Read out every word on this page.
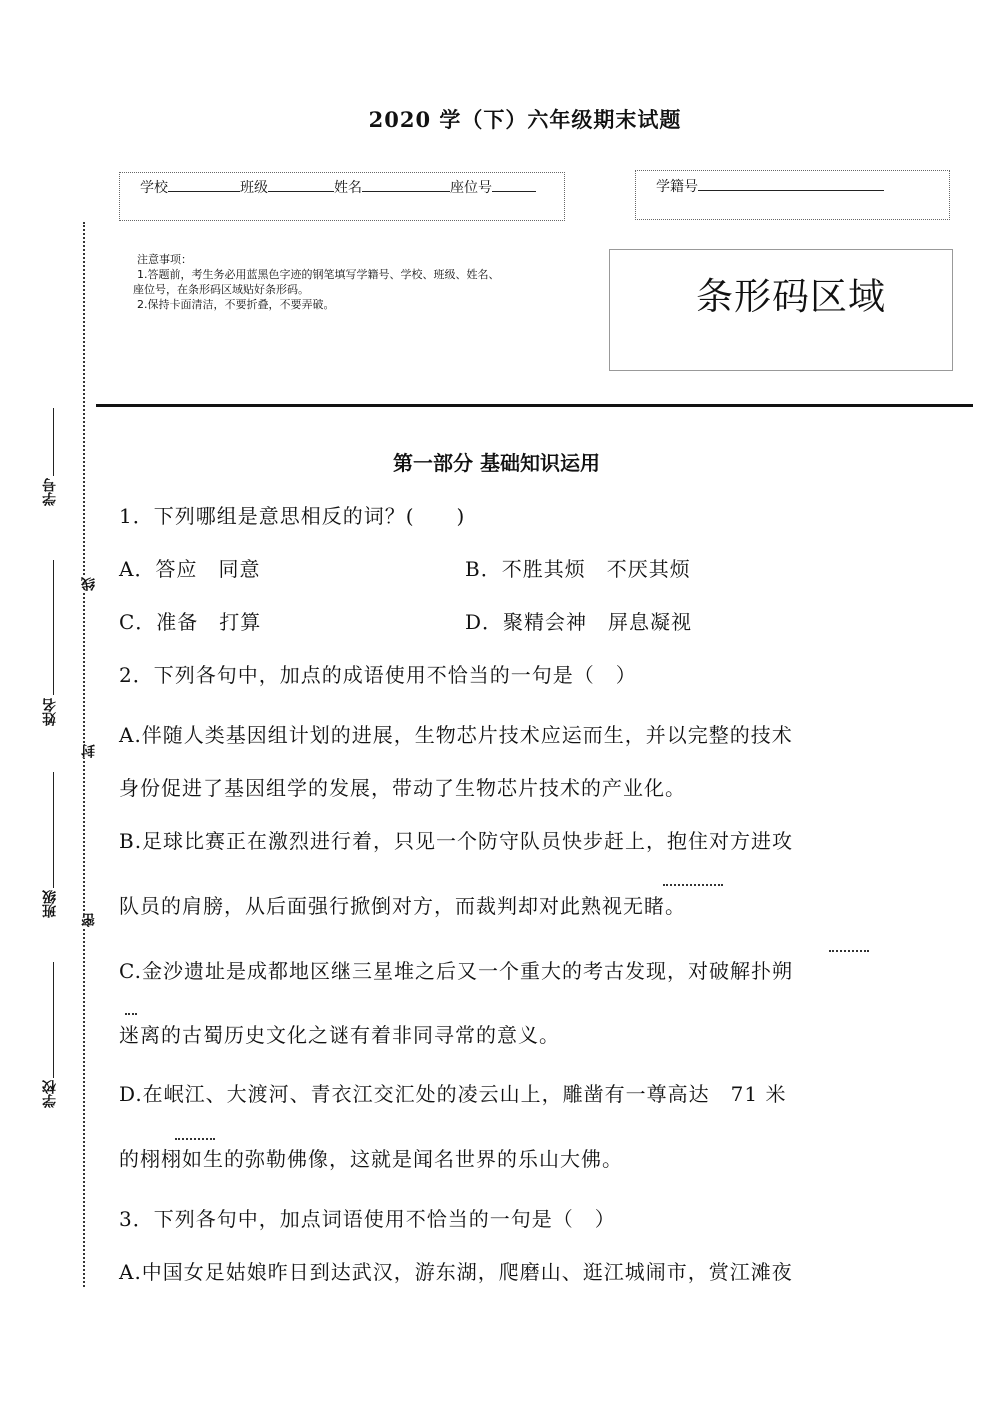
2020 学（下）六年级期末试题
学校	班级	姓名	座位号	学籍号
注意事项：
1.答题前，考生务必用蓝黑色字迹的钢笔填写学籍号、学校、班级、姓名、
座位号，在条形码区域贴好条形码。
2.保持卡面清洁，不要折叠，不要弄破。	条形码区域
学号
姓名
班级
学校
线
封
密
第一部分 基础知识运用
1．下列哪组是意思相反的词？(　　)
A．答应　同意	B．不胜其烦　不厌其烦
C．准备　打算	D．聚精会神　屏息凝视
2．下列各句中，加点的成语使用不恰当的一句是（　）
A.伴随人类基因组计划的进展，生物芯片技术应运而生，并以完整的技术
身份促进了基因组学的发展，带动了生物芯片技术的产业化。
B.足球比赛正在激烈进行着，只见一个防守队员快步赶上，抱住对方进攻
队员的肩膀，从后面强行掀倒对方，而裁判却对此熟视无睹。
C.金沙遗址是成都地区继三星堆之后又一个重大的考古发现，对破解扑朔
迷离的古蜀历史文化之谜有着非同寻常的意义。
D.在岷江、大渡河、青衣江交汇处的凌云山上，雕凿有一尊高达　71 米
的栩栩如生的弥勒佛像，这就是闻名世界的乐山大佛。
3．下列各句中，加点词语使用不恰当的一句是（　）
A.中国女足姑娘昨日到达武汉，游东湖，爬磨山、逛江城闹市，赏江滩夜
